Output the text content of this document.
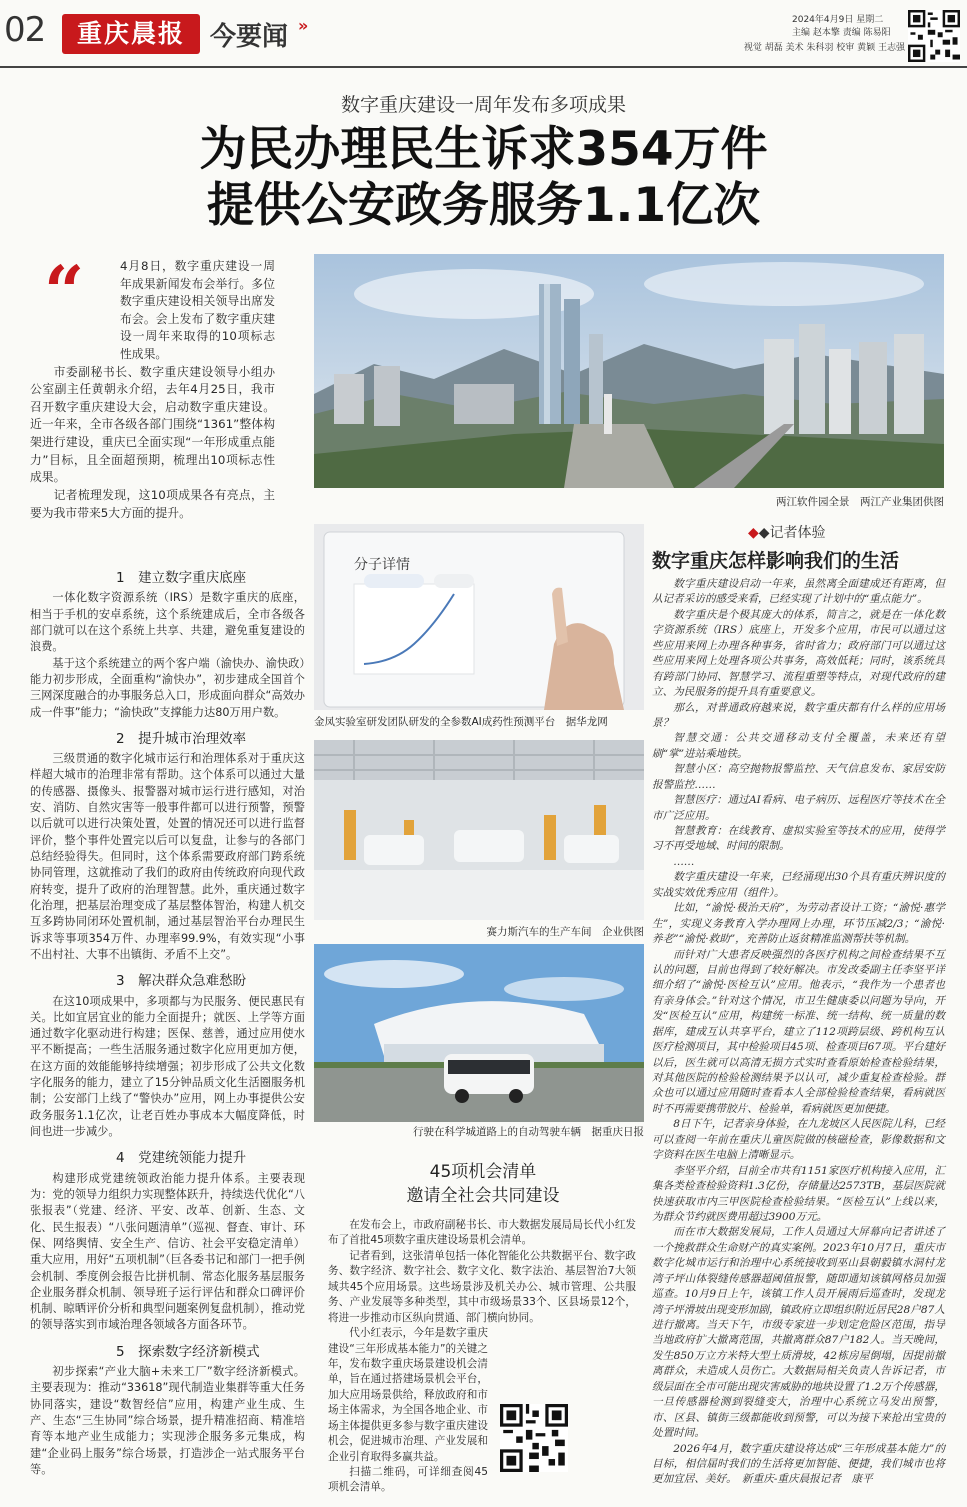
02	重庆晨报 今要闻 »	2024年4月9日 星期二
主编 赵本擎 责编 陈易阳
视觉 胡磊 美术 朱科羽 校审 黄颖 王志强
数字重庆建设一周年发布多项成果
为民办理民生诉求354万件
提供公安政务服务1.1亿次
“	4月8日，数字重庆建设一周年成果新闻发布会举行。多位数字重庆建设相关领导出席发布会。会上发布了数字重庆建设一周年来取得的10项标志性成果。

市委副秘书长、数字重庆建设领导小组办公室副主任黄朝永介绍，去年4月25日，我市召开数字重庆建设大会，启动数字重庆建设。近一年来，全市各级各部门围绕“1361”整体构架进行建设，重庆已全面实现“一年形成重点能力”目标，且全面超预期，梳理出10项标志性成果。

记者梳理发现，这10项成果各有亮点，主要为我市带来5大方面的提升。

两江软件园全景　两江产业集团供图
1　建立数字重庆底座

一体化数字资源系统（IRS）是数字重庆的底座，相当于手机的安卓系统，这个系统建成后，全市各级各部门就可以在这个系统上共享、共建，避免重复建设的浪费。

基于这个系统建立的两个客户端（渝快办、渝快政）能力初步形成，全面重构“渝快办”，初步建成全国首个三网深度融合的办事服务总入口，形成面向群众“高效办成一件事”能力；“渝快政”支撑能力达80万用户数。

2　提升城市治理效率

三级贯通的数字化城市运行和治理体系对于重庆这样超大城市的治理非常有帮助。这个体系可以通过大量的传感器、摄像头、报警器对城市运行进行感知，对治安、消防、自然灾害等一般事件都可以进行预警，预警以后就可以进行决策处置，处置的情况还可以进行监督评价，整个事件处置完以后可以复盘，让参与的各部门总结经验得失。但同时，这个体系需要政府部门跨系统协同管理，这就推动了我们的政府由传统政府向现代政府转变，提升了政府的治理智慧。此外，重庆通过数字化治理，把基层治理变成了基层整体智治，构建人机交互多跨协同闭环处置机制，通过基层智治平台办理民生诉求等事项354万件、办理率99.9%，有效实现“小事不出村社、大事不出镇街、矛盾不上交”。

3　解决群众急难愁盼

在这10项成果中，多项都与为民服务、便民惠民有关。比如宜居宜业的能力全面提升；就医、上学等方面通过数字化驱动进行构建；医保、慈善，通过应用使水平不断提高；一些生活服务通过数字化应用更加方便，在这方面的效能能够持续增强；初步形成了公共文化数字化服务的能力，建立了15分钟品质文化生活圈服务机制；公安部门上线了“警快办”应用，网上办事提供公安政务服务1.1亿次，让老百姓办事成本大幅度降低，时间也进一步减少。

4　党建统领能力提升

构建形成党建统领政治能力提升体系。主要表现为：党的领导力组织力实现整体跃升，持续迭代优化“八张报表”（党建、经济、平安、改革、创新、生态、文化、民生报表）“八张问题清单”（巡视、督查、审计、环保、网络舆情、安全生产、信访、社会平安稳定清单）重大应用，用好“五项机制”（巨各委书记和部门一把手例会机制、季度例会报告比拼机制、常态化服务基层服务企业服务群众机制、领导班子运行评估和群众口碑评价机制、晾晒评价分析和典型问题案例复盘机制），推动党的领导落实到市域治理各领域各方面各环节。

5　探索数字经济新模式

初步探索“产业大脑+未来工厂”数字经济新模式。主要表现为：推动“33618”现代制造业集群等重大任务协同落实，建设“数智经信”应用，构建产业生成、生产、生态“三生协同”综合场景，提升精准招商、精准培育等本地产业生成能力；实现涉企服务多元集成，构建“企业码上服务”综合场景，打造涉企一站式服务平台等。

分子详情
金凤实验室研发团队研发的全参数AI成药性预测平台　据华龙网
赛力斯汽车的生产车间　企业供图
行驶在科学城道路上的自动驾驶车辆　据重庆日报
45项机会清单
邀请全社会共同建设

在发布会上，市政府副秘书长、市大数据发展局局长代小红发布了首批45项数字重庆建设场景机会清单。

记者看到，这张清单包括一体化智能化公共数据平台、数字政务、数字经济、数字社会、数字文化、数字法治、基层智治7大领域共45个应用场景。这些场景涉及机关办公、城市管理、公共服务、产业发展等多种类型，其中市级场景33个、区县场景12个，将进一步推动市区纵向贯通、部门横向协同。

代小红表示，今年是数字重庆建设“三年形成基本能力”的关键之年，发布数字重庆场景建设机会清单，旨在通过搭建场景机会平台，加大应用场景供给，释放政府和市场主体需求，为全国各地企业、市场主体提供更多参与数字重庆建设机会，促进城市治理、产业发展和企业引育取得多赢共益。

扫描二维码，可详细查阅45项机会清单。

◆◆记者体验
数字重庆怎样影响我们的生活

数字重庆建设启动一年来，虽然离全面建成还有距离，但从记者采访的感受来看，已经实现了计划中的“重点能力”。

数字重庆是个极其庞大的体系，简言之，就是在一体化数字资源系统（IRS）底座上，开发多个应用，市民可以通过这些应用来网上办理各种事务，省时省力；政府部门可以通过这些应用来网上处理各项公共事务，高效低耗；同时，该系统具有跨部门协同、智慧学习、流程重塑等特点，对现代政府的建立、为民服务的提升具有重要意义。

那么，对普通政府越来说，数字重庆都有什么样的应用场景？

智慧交通：公共交通移动支付全覆盖，未来还有望刷“掌”进站乘地铁。

智慧小区：高空抛物报警监控、天气信息发布、家居安防报警监控……

智慧医疗：通过AI看病、电子病历、远程医疗等技术在全市广泛应用。

智慧教育：在线教育、虚拟实验室等技术的应用，使得学习不再受地域、时间的限制。

……

数字重庆建设一年来，已经涌现出30个具有重庆辨识度的实战实效优秀应用（组件）。

比如，“渝悦·极治天府”，为劳动者设计工资；“渝悦·惠学生”，实现义务教育入学办理网上办理，环节压减2/3；“渝悦·养老”“渝悦·救助”，充善防止返贫精准监测帮扶等机制。

而针对广大患者反映强烈的各医疗机构之间检查结果不互认的问题，目前也得到了较好解决。市发改委副主任李坚平详细介绍了“渝悦·医检互认”应用。他表示，“我作为一个患者也有亲身体会。”针对这个情况，市卫生健康委以问题为导向，开发“医检互认”应用，构建统一标准、统一结构、统一质量的数据库，建成互认共享平台，建立了112项跨层级、跨机构互认医疗检测项目，其中检验项目45项、检查项目67项。平台建好以后，医生就可以高清无损方式实时查看原始检查检验结果，对其他医院的检验检测结果予以认可，减少重复检查检验。群众也可以通过应用随时查看本人全部检验检查结果，看病就医时不再需要携带胶片、检验单，看病就医更加便捷。

8日下午，记者亲身体验，在九龙坡区人民医院儿科，已经可以查阅一年前在重庆儿童医院做的核磁检查，影像数据和文字资料在医生电脑上清晰显示。

李坚平介绍，目前全市共有1151家医疗机构接入应用，汇集各类检查检验资料1.3亿份，存储量达2573TB，基层医院就快速获取市内三甲医院检查检验结果。“医检互认”上线以来，为群众节约就医费用超过3900万元。

而在市大数据发展局，工作人员通过大屏幕向记者讲述了一个挽救群众生命财产的真实案例。2023年10月7日，重庆市数字化城市运行和治理中心系统接收到巫山县朝毅镇水洞村龙湾子坪山体裂缝传感器超阈值报警，随即通知该镇网格员加强巡查。10月9日上午，该镇工作人员开展雨后巡查时，发现龙湾子坪滑坡出现变形加剧，镇政府立即组织附近居民28户87人进行撤离。当天下午，市级专家进一步划定危险区范围，指导当地政府扩大撤离范围，共撤离群众87户182人。当天晚间，发生850万立方米特大型土质滑坡，42栋房屋倒塌，因提前撤离群众，未造成人员伤亡。大数据局相关负责人告诉记者，市级层面在全市可能出现灾害威胁的地块设置了1.2万个传感器，一旦传感器检测到裂缝变大，治理中心系统立马发出预警，市、区县、镇街三级都能收到预警，可以为接下来抢出宝贵的处置时间。

2026年4月，数字重庆建设将达成“三年形成基本能力”的目标，相信届时我们的生活将更加智能、便捷，我们城市也将更加宜居、美好。　新重庆-重庆晨报记者　康平
